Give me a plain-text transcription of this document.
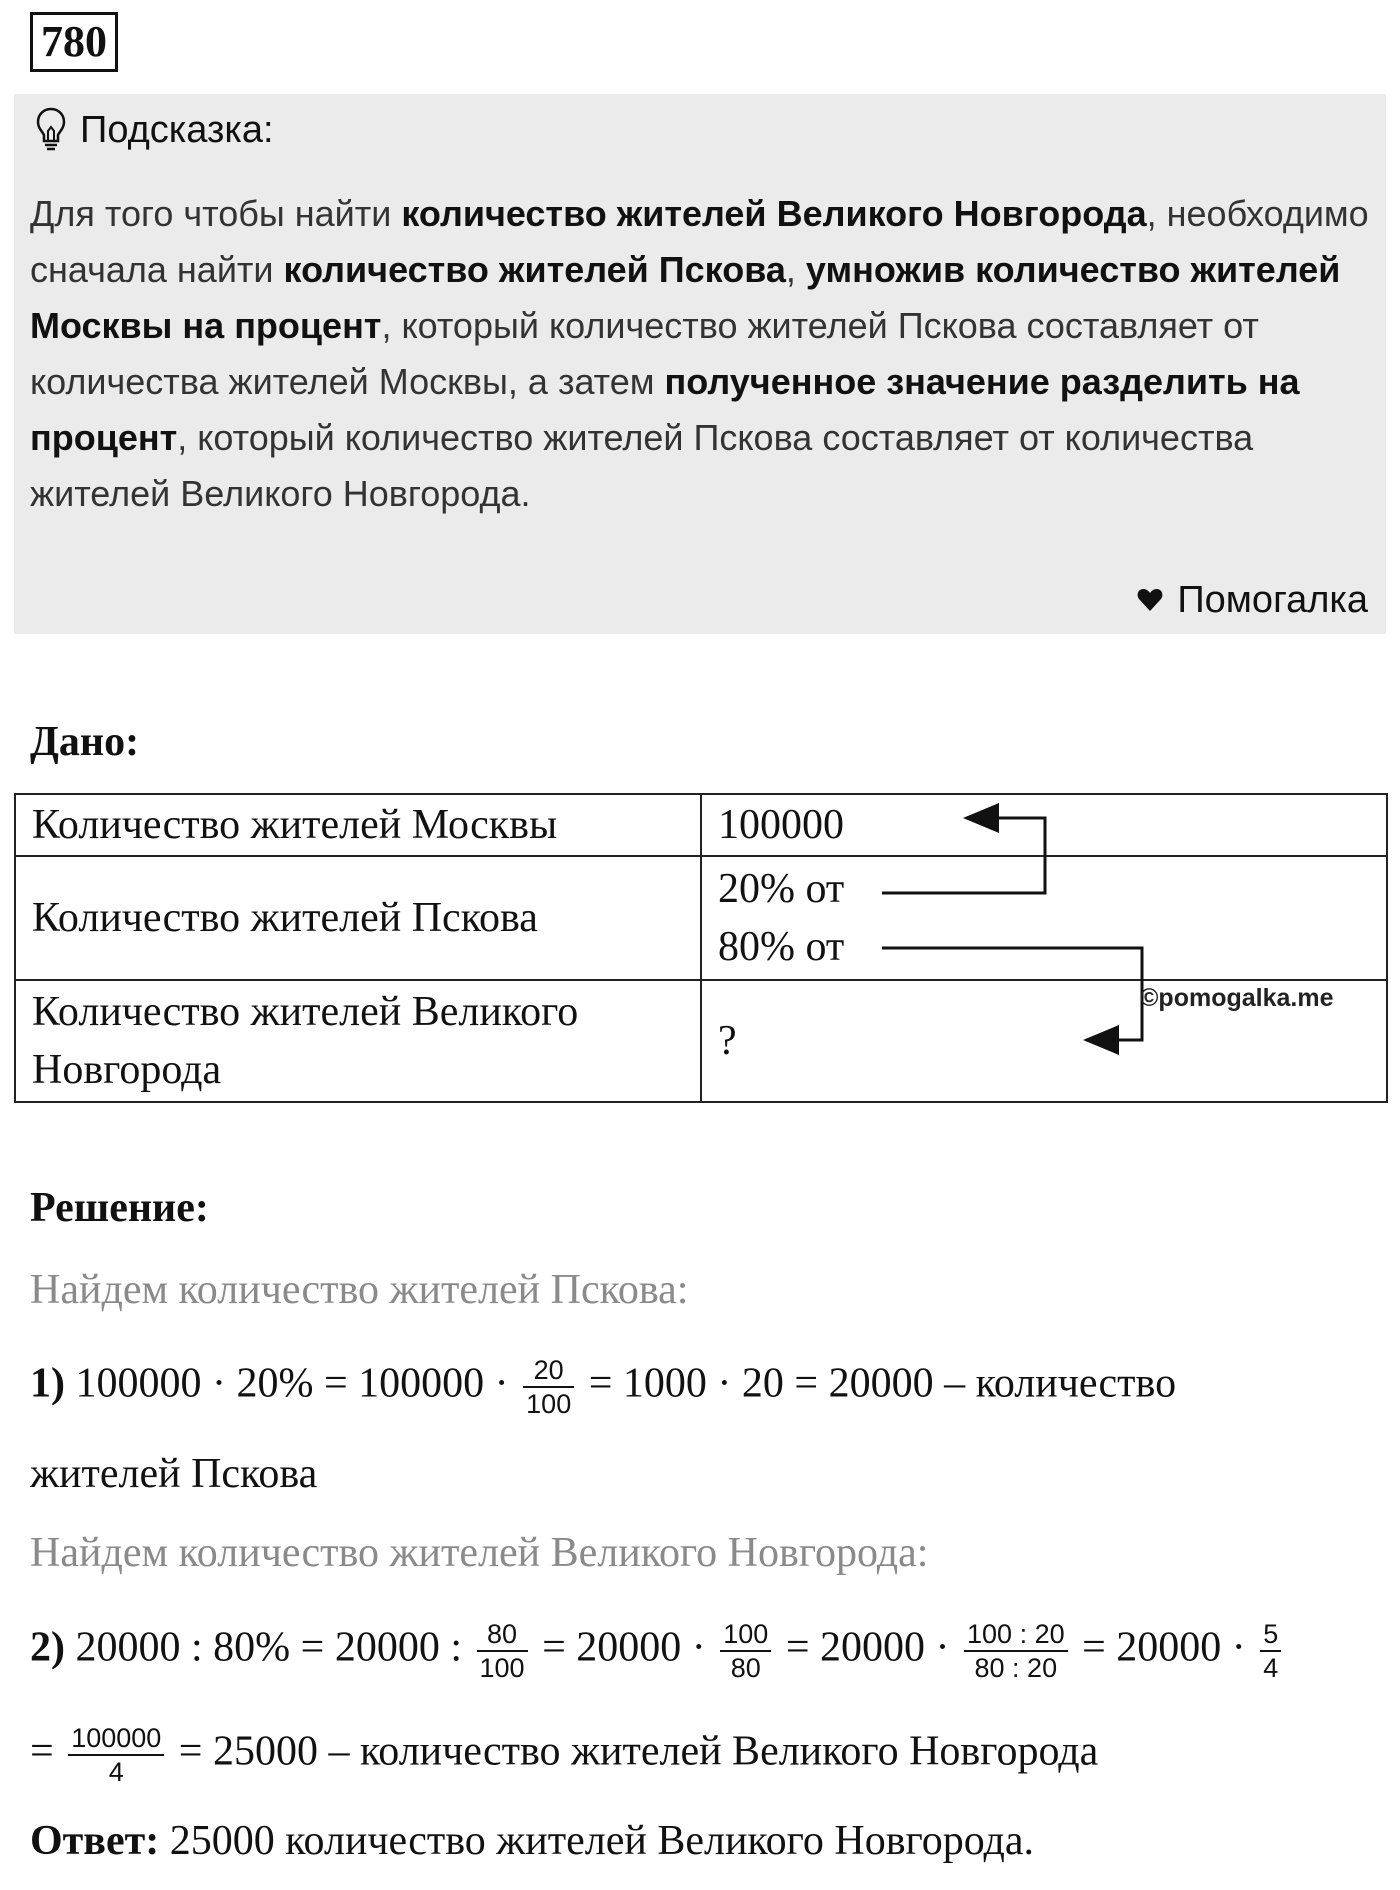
780
Подсказка:
Для того чтобы найти количество жителей Великого Новгорода, необходимо сначала найти количество жителей Пскова, умножив количество жителей Москвы на процент, который количество жителей Пскова составляет от количества жителей Москвы, а затем полученное значение разделить на процент, который количество жителей Пскова составляет от количества жителей Великого Новгорода.
Помогалка
Дано:
Количество жителей Москвы	100000
Количество жителей Пскова	20% от
80% от

Количество жителей Великого
Новгорода	?
©pomogalka.me
Решение:
Найдем количество жителей Пскова:
1) $100000 \cdot 20\% = 100000 \cdot \frac{20}{100} = 1000 \cdot 20 = 20000$ – количество
жителей Пскова
Найдем количество жителей Великого Новгорода:
2) 20000 : 80% = 20000 : $\frac{80}{100} = 20000 \cdot \frac{100}{80} = 20000 \cdot \frac{100 : 20}{80 : 20} = 20000 \cdot \frac{5}{4}$
= $\frac{100000}{4} = 25000$ – количество жителей Великого Новгорода
Ответ: 25000 количество жителей Великого Новгорода.
